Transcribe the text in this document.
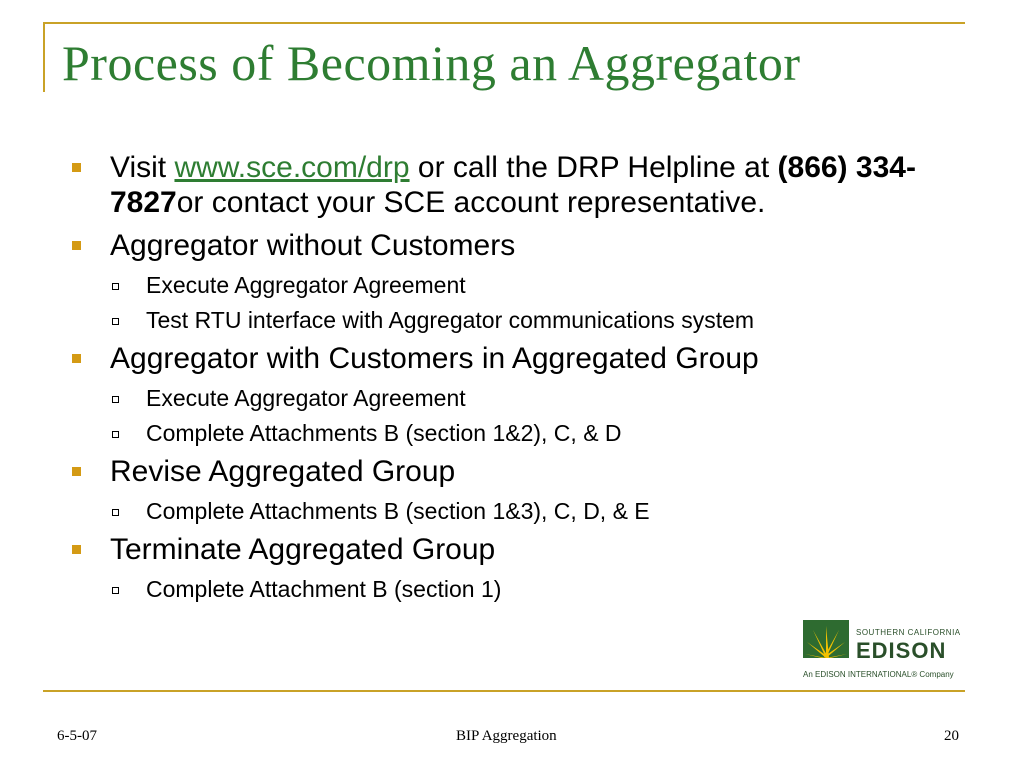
Process of Becoming an Aggregator
Visit www.sce.com/drp or call the DRP Helpline at (866) 334-7827or contact your SCE account representative.
Aggregator without Customers
Execute Aggregator Agreement
Test RTU interface with Aggregator communications system
Aggregator with Customers in Aggregated Group
Execute Aggregator Agreement
Complete Attachments B (section 1&2), C, & D
Revise Aggregated Group
Complete Attachments B (section 1&3), C, D, & E
Terminate Aggregated Group
Complete Attachment B (section 1)
SOUTHERN CALIFORNIA
EDISON
An EDISON INTERNATIONAL® Company
6-5-07	BIP Aggregation	20
